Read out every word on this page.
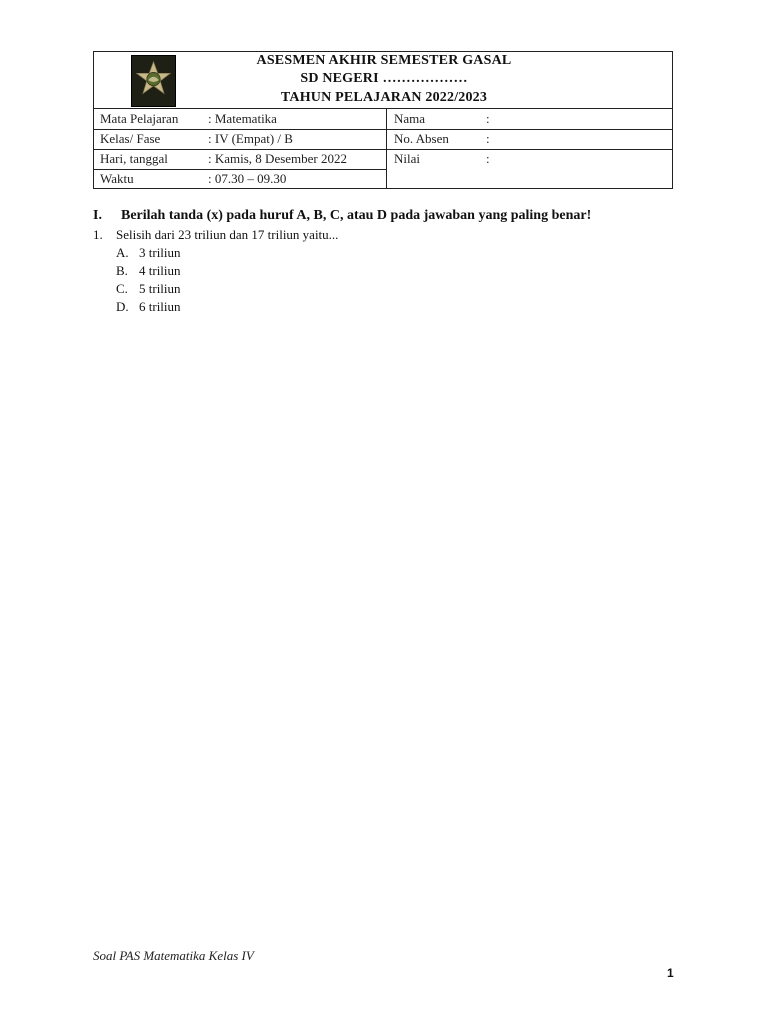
ASESMEN AKHIR SEMESTER GASAL
SD NEGERI ………………
TAHUN PELAJARAN 2022/2023
Mata Pelajaran : Matematika	Nama	:
Kelas/ Fase	: IV (Empat) / B	No. Absen	:
Hari, tanggal	: Kamis, 8 Desember 2022	Nilai	:
Waktu	: 07.30 – 09.30
I. Berilah tanda (x) pada huruf A, B, C, atau D pada jawaban yang paling benar!
1. Selisih dari 23 triliun dan 17 triliun yaitu...
A. 3 triliun
B. 4 triliun
C. 5 triliun
D. 6 triliun
Soal PAS Matematika Kelas IV
1
